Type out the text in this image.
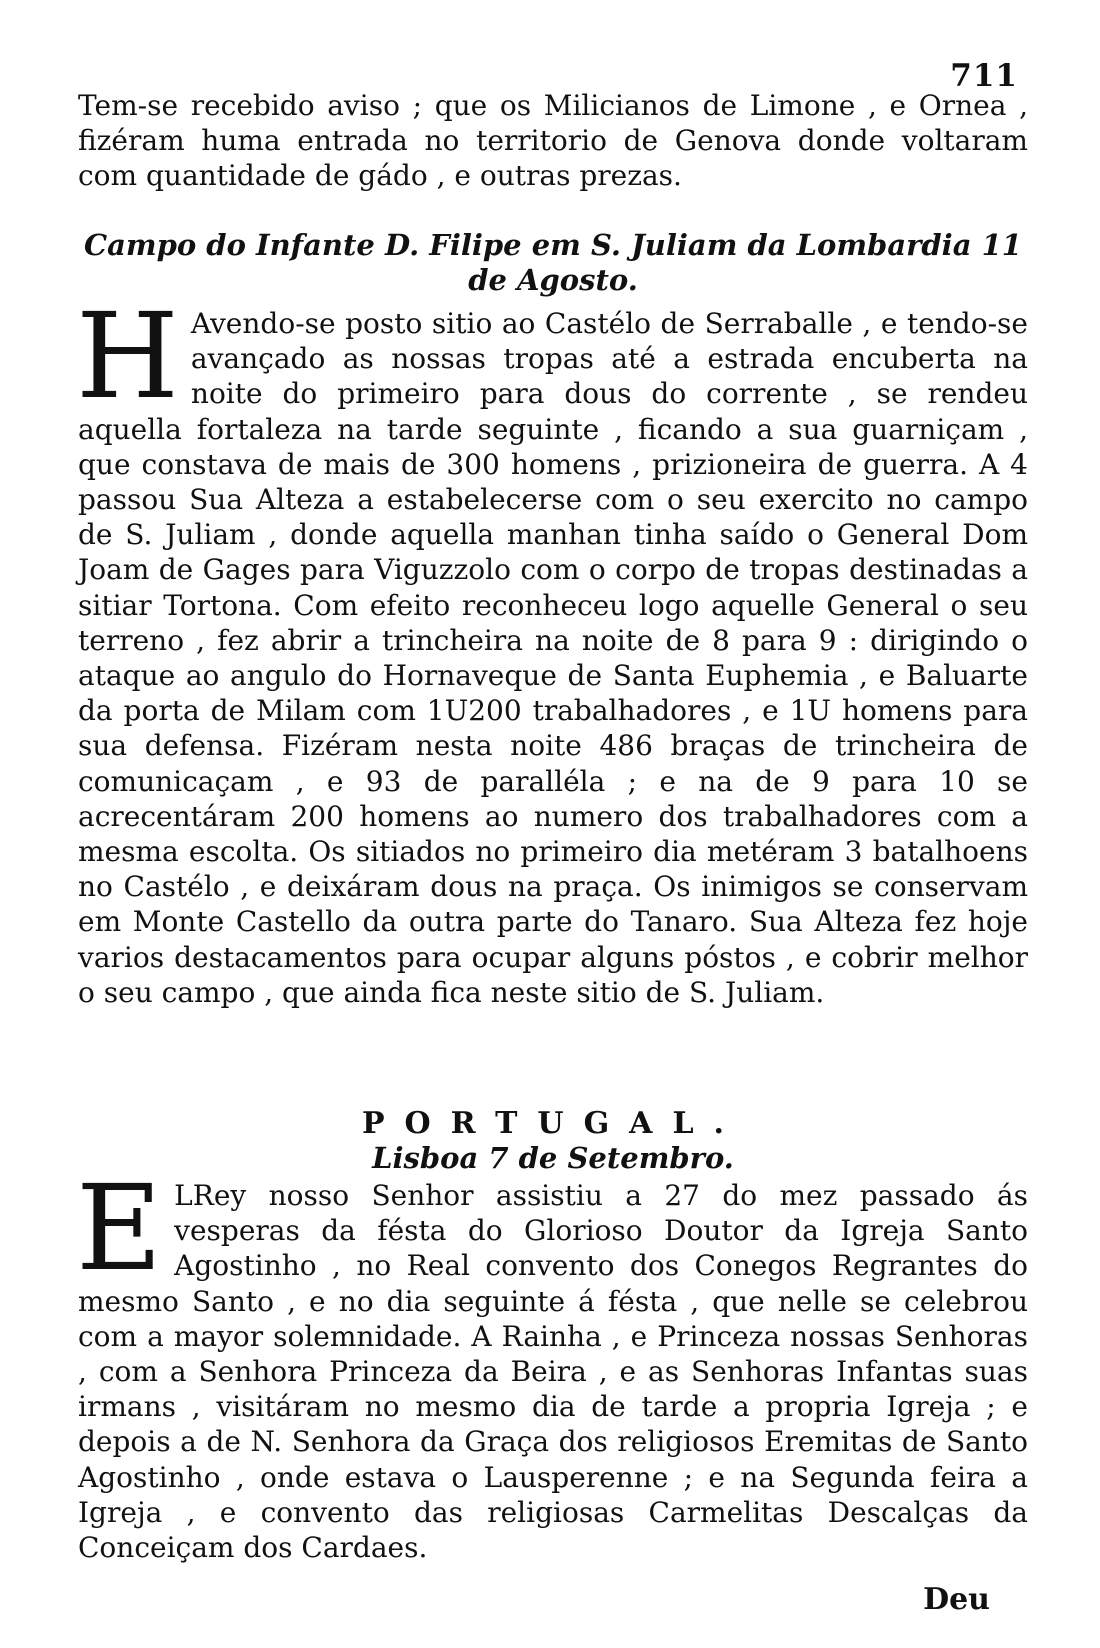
711

Tem-se recebido aviso ; que os Milicianos de Limone , e Ornea , fizéram huma entrada no territorio de Genova donde voltaram com quantidade de gádo , e outras prezas.

Campo do Infante D. Filipe em S. Juliam da Lombardia 11 de Agosto.

H Avendo-se posto sitio ao Castélo de Serraballe , e tendo-se avançado as nossas tropas até a estrada encuberta na noite do primeiro para dous do corrente , se rendeu aquella fortaleza na tarde seguinte , ficando a sua guarniçam , que constava de mais de 300 homens , prizioneira de guerra. A 4 passou Sua Alteza a estabelecerse com o seu exercito no campo de S. Juliam , donde aquella manhan tinha saído o General Dom Joam de Gages para Viguzzolo com o corpo de tropas destinadas a sitiar Tortona. Com efeito reconheceu logo aquelle General o seu terreno , fez abrir a trincheira na noite de 8 para 9 : dirigindo o ataque ao angulo do Hornaveque de Santa Euphemia , e Baluarte da porta de Milam com 1U200 trabalhadores , e 1U homens para sua defensa. Fizéram nesta noite 486 braças de trincheira de comunicaçam , e 93 de paralléla ; e na de 9 para 10 se acrecentáram 200 homens ao numero dos trabalhadores com a mesma escolta. Os sitiados no primeiro dia metéram 3 batalhoens no Castélo , e deixáram dous na praça. Os inimigos se conservam em Monte Castello da outra parte do Tanaro. Sua Alteza fez hoje varios destacamentos para ocupar alguns póstos , e cobrir melhor o seu campo , que ainda fica neste sitio de S. Juliam.

PORTUGAL.

Lisboa 7 de Setembro.

E LRey nosso Senhor assistiu a 27 do mez passado ás vesperas da fésta do Glorioso Doutor da Igreja Santo Agostinho , no Real convento dos Conegos Regrantes do mesmo Santo , e no dia seguinte á fésta , que nelle se celebrou com a mayor solemnidade. A Rainha , e Princeza nossas Senhoras , com a Senhora Princeza da Beira , e as Senhoras Infantas suas irmans , visitáram no mesmo dia de tarde a propria Igreja ; e depois a de N. Senhora da Graça dos religiosos Eremitas de Santo Agostinho , onde estava o Lausperenne ; e na Segunda feira a Igreja , e convento das religiosas Carmelitas Descalças da Conceiçam dos Cardaes.
Deu
